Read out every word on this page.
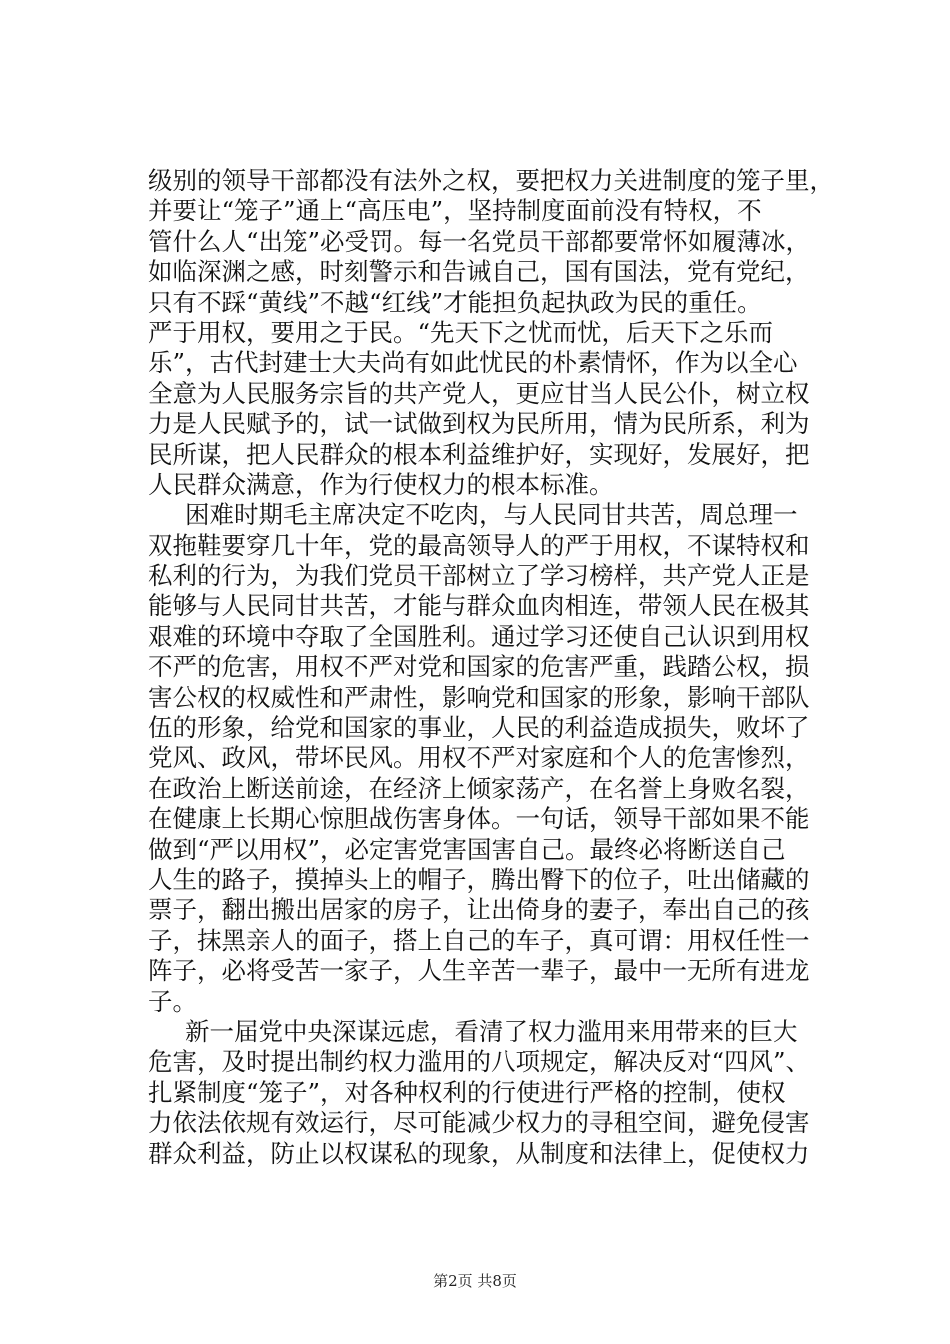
级别的领导干部都没有法外之权，要把权力关进制度的笼子里，
并要让“笼子”通上“高压电”，坚持制度面前没有特权，不
管什么人“出笼”必受罚。每一名党员干部都要常怀如履薄冰，
如临深渊之感，时刻警示和告诫自己，国有国法，党有党纪，
只有不踩“黄线”不越“红线”才能担负起执政为民的重任。
严于用权，要用之于民。“先天下之忧而忧，后天下之乐而
乐”，古代封建士大夫尚有如此忧民的朴素情怀，作为以全心
全意为人民服务宗旨的共产党人，更应甘当人民公仆，树立权
力是人民赋予的，试一试做到权为民所用，情为民所系，利为
民所谋，把人民群众的根本利益维护好，实现好，发展好，把
人民群众满意，作为行使权力的根本标准。
困难时期毛主席决定不吃肉，与人民同甘共苦，周总理一
双拖鞋要穿几十年，党的最高领导人的严于用权，不谋特权和
私利的行为，为我们党员干部树立了学习榜样，共产党人正是
能够与人民同甘共苦，才能与群众血肉相连，带领人民在极其
艰难的环境中夺取了全国胜利。通过学习还使自己认识到用权
不严的危害，用权不严对党和国家的危害严重，践踏公权，损
害公权的权威性和严肃性，影响党和国家的形象，影响干部队
伍的形象，给党和国家的事业，人民的利益造成损失，败坏了
党风、政风，带坏民风。用权不严对家庭和个人的危害惨烈，
在政治上断送前途，在经济上倾家荡产，在名誉上身败名裂，
在健康上长期心惊胆战伤害身体。一句话，领导干部如果不能
做到“严以用权”，必定害党害国害自己。最终必将断送自己
人生的路子，摸掉头上的帽子，腾出臀下的位子，吐出储藏的
票子，翻出搬出居家的房子，让出倚身的妻子，奉出自己的孩
子，抹黑亲人的面子，搭上自己的车子，真可谓：用权任性一
阵子，必将受苦一家子，人生辛苦一辈子，最中一无所有进龙
子。
新一届党中央深谋远虑，看清了权力滥用来用带来的巨大
危害，及时提出制约权力滥用的八项规定，解决反对“四风”、
扎紧制度“笼子”，对各种权利的行使进行严格的控制，使权
力依法依规有效运行，尽可能减少权力的寻租空间，避免侵害
群众利益，防止以权谋私的现象，从制度和法律上，促使权力
第2页 共8页
